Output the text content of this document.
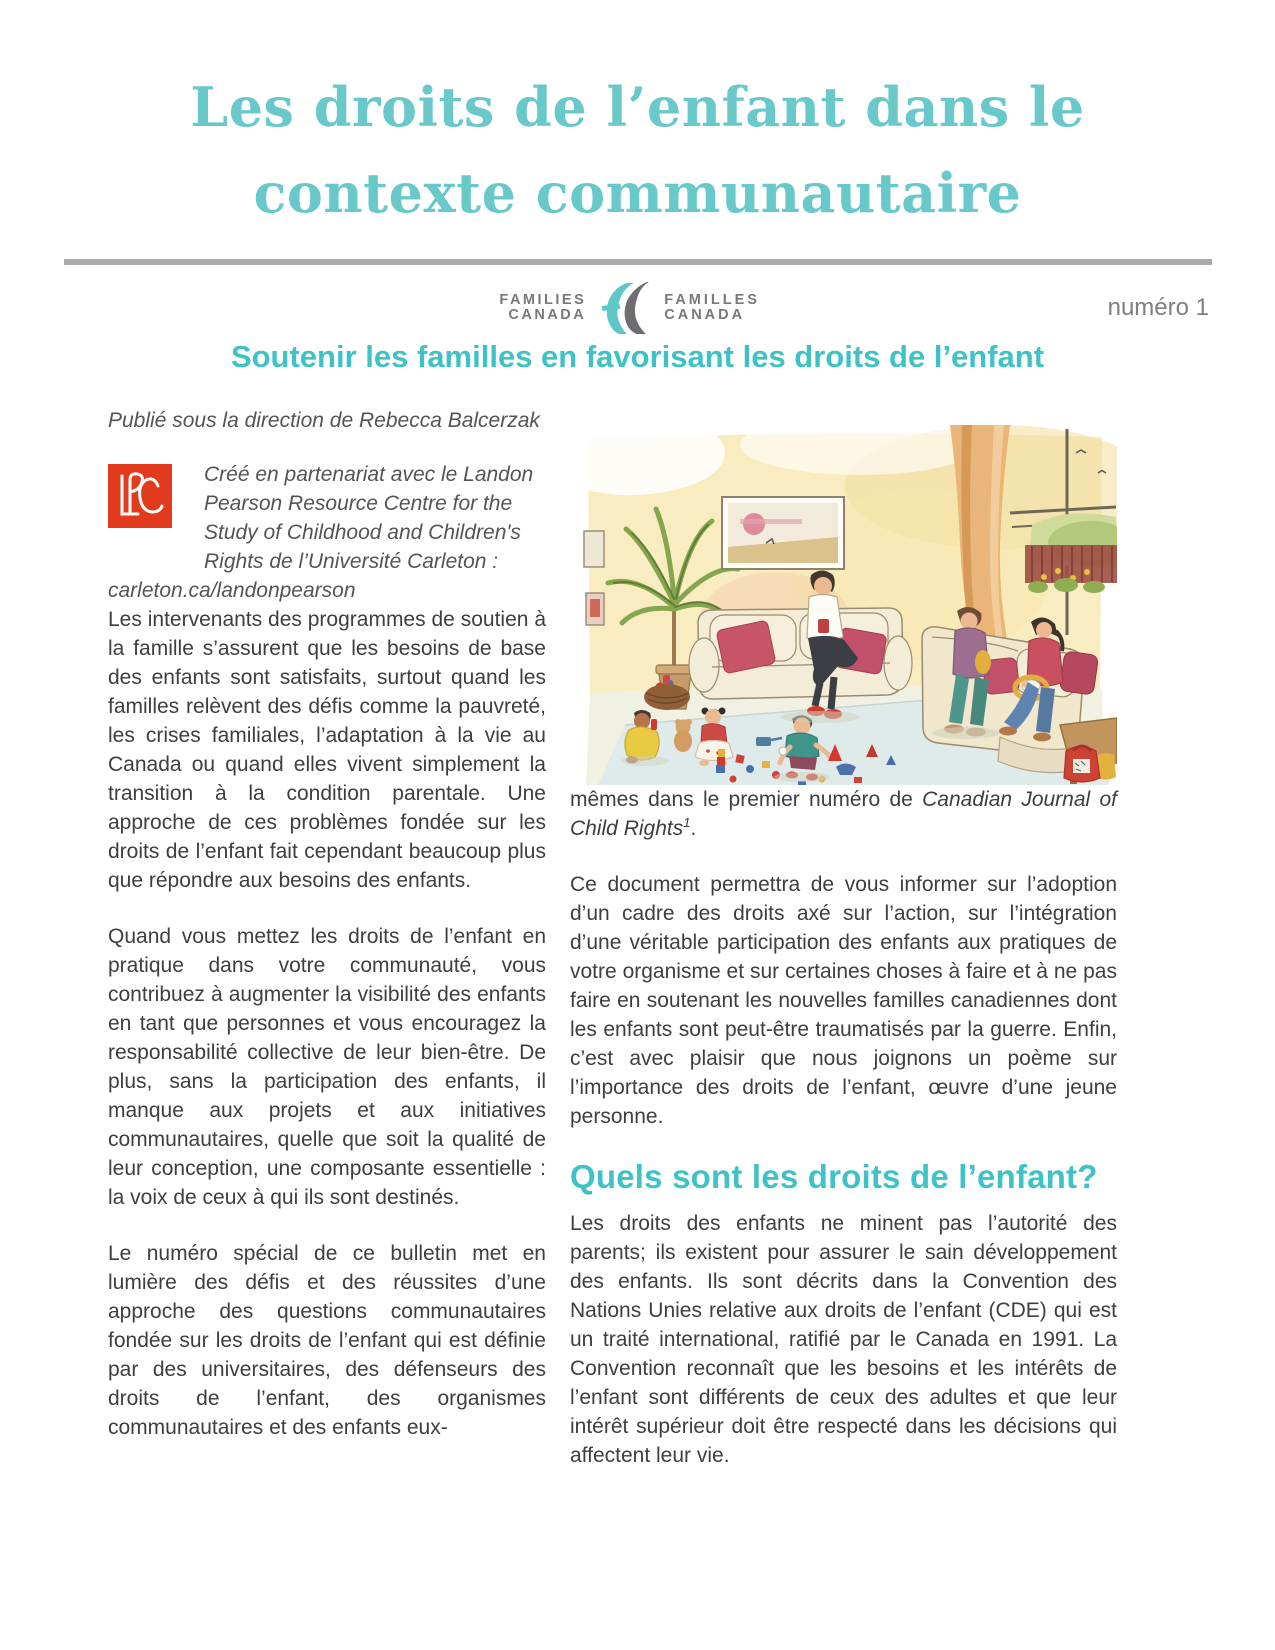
Les droits de l’enfant dans le
contexte communautaire
FAMILIES
CANADA
FAMILLES
CANADA	numéro 1
Soutenir les familles en favorisant les droits de l’enfant

Publié sous la direction de Rebecca Balcerzak

Créé en partenariat avec le Landon Pearson Resource Centre for the Study of Childhood and Children's Rights de l’Université Carleton : carleton.ca/landonpearson

Les intervenants des programmes de soutien à la famille s’assurent que les besoins de base des enfants sont satisfaits, surtout quand les familles relèvent des défis comme la pauvreté, les crises familiales, l’adaptation à la vie au Canada ou quand elles vivent simplement la transition à la condition parentale. Une approche de ces problèmes fondée sur les droits de l’enfant fait cependant beaucoup plus que répondre aux besoins des enfants.

Quand vous mettez les droits de l’enfant en pratique dans votre communauté, vous contribuez à augmenter la visibilité des enfants en tant que personnes et vous encouragez la responsabilité collective de leur bien-être. De plus, sans la participation des enfants, il manque aux projets et aux initiatives communautaires, quelle que soit la qualité de leur conception, une composante essentielle : la voix de ceux à qui ils sont destinés.

Le numéro spécial de ce bulletin met en lumière des défis et des réussites d’une approche des questions communautaires fondée sur les droits de l’enfant qui est définie par des universitaires, des défenseurs des droits de l’enfant, des organismes communautaires et des enfants eux-

mêmes dans le premier numéro de Canadian Journal of Child Rights$^1$.

Ce document permettra de vous informer sur l’adoption d’un cadre des droits axé sur l’action, sur l’intégration d’une véritable participation des enfants aux pratiques de votre organisme et sur certaines choses à faire et à ne pas faire en soutenant les nouvelles familles canadiennes dont les enfants sont peut-être traumatisés par la guerre. Enfin, c’est avec plaisir que nous joignons un poème sur l’importance des droits de l’enfant, œuvre d’une jeune personne.

Quels sont les droits de l’enfant?

Les droits des enfants ne minent pas l’autorité des parents; ils existent pour assurer le sain développement des enfants. Ils sont décrits dans la Convention des Nations Unies relative aux droits de l’enfant (CDE) qui est un traité international, ratifié par le Canada en 1991. La Convention reconnaît que les besoins et les intérêts de l’enfant sont différents de ceux des adultes et que leur intérêt supérieur doit être respecté dans les décisions qui affectent leur vie.
